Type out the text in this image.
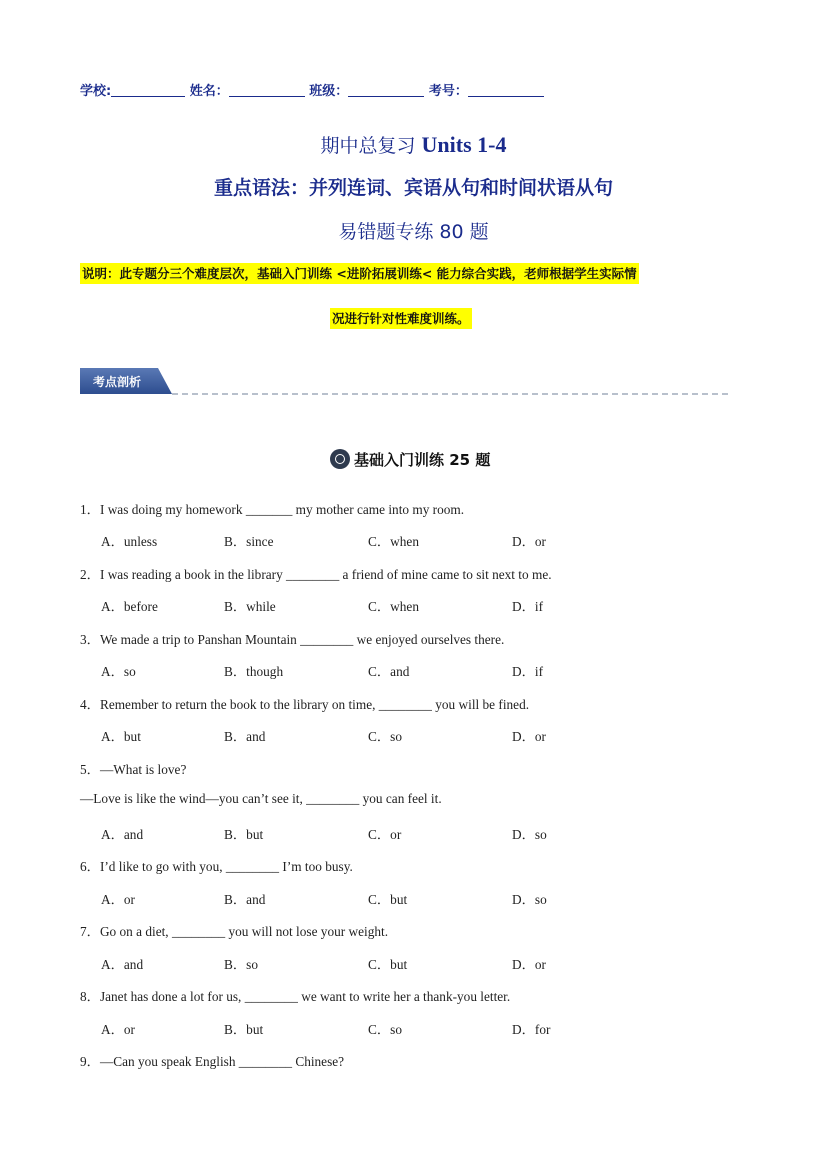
学校:	姓名：	班级：	考号：
期中总复习 Units 1-4
重点语法：并列连词、宾语从句和时间状语从句
易错题专练 80 题
说明：此专题分三个难度层次，基础入门训练 <进阶拓展训练< 能力综合实践，老师根据学生实际情
况进行针对性难度训练。
考点剖析
基础入门训练 25 题
1．I was doing my homework _______ my mother came into my room.
A．unless	B．since	C．when	D．or
2．I was reading a book in the library ________ a friend of mine came to sit next to me.
A．before	B．while	C．when	D．if
3．We made a trip to Panshan Mountain ________ we enjoyed ourselves there.
A．so	B．though	C．and	D．if
4．Remember to return the book to the library on time, ________ you will be fined.
A．but	B．and	C．so	D．or
5．—What is love?
—Love is like the wind—you can’t see it, ________ you can feel it.
A．and	B．but	C．or	D．so
6．I’d like to go with you, ________ I’m too busy.
A．or	B．and	C．but	D．so
7．Go on a diet, ________ you will not lose your weight.
A．and	B．so	C．but	D．or
8．Janet has done a lot for us, ________ we want to write her a thank-you letter.
A．or	B．but	C．so	D．for
9．—Can you speak English ________ Chinese?
